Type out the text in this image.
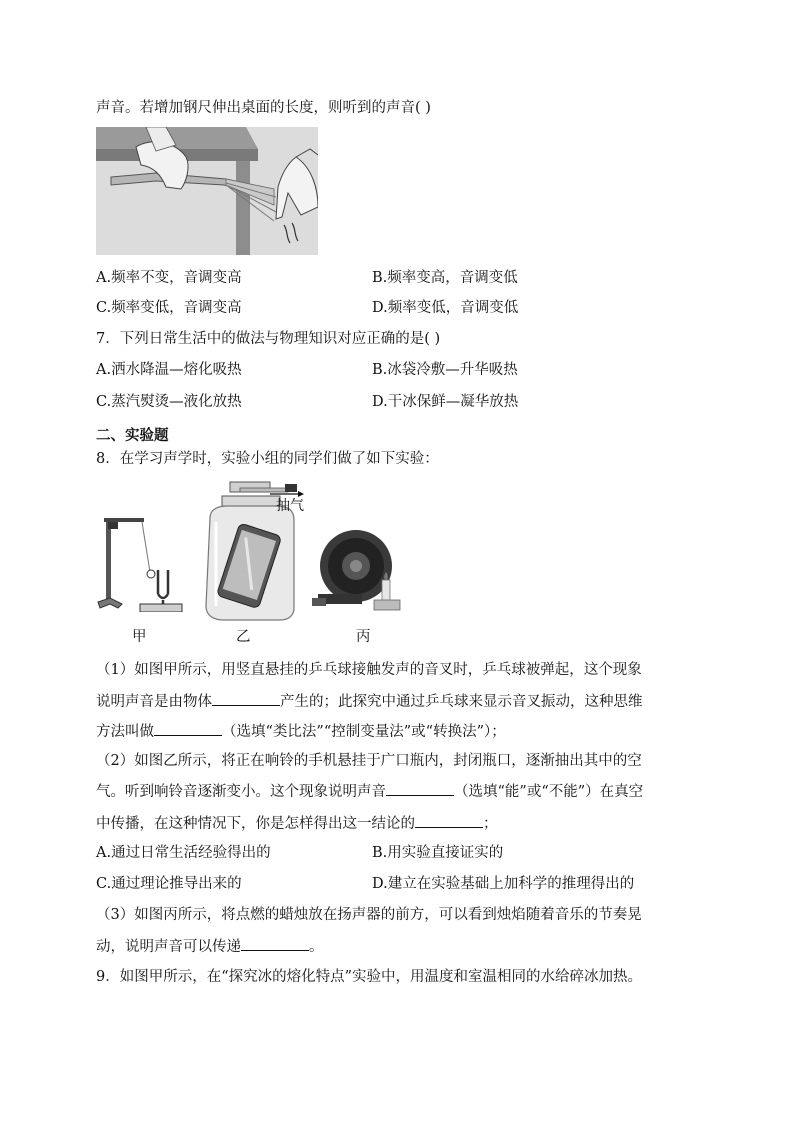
声音。若增加钢尺伸出桌面的长度，则听到的声音( )
A.频率不变，音调变高	B.频率变高，音调变低
C.频率变低，音调变高	D.频率变低，音调变低
7．下列日常生活中的做法与物理知识对应正确的是( )
A.洒水降温—熔化吸热	B.冰袋冷敷—升华吸热
C.蒸汽熨烫—液化放热	D.干冰保鲜—凝华放热
二、实验题
8．在学习声学时，实验小组的同学们做了如下实验：
抽气
甲	乙	丙
（1）如图甲所示，用竖直悬挂的乒乓球接触发声的音叉时，乒乓球被弹起，这个现象
说明声音是由物体	产生的；此探究中通过乒乓球来显示音叉振动，这种思维
方法叫做	（选填“类比法”“控制变量法”或“转换法”）；
（2）如图乙所示，将正在响铃的手机悬挂于广口瓶内，封闭瓶口，逐渐抽出其中的空
气。听到响铃音逐渐变小。这个现象说明声音	（选填“能”或“不能”）在真空
中传播，在这种情况下，你是怎样得出这一结论的	；
A.通过日常生活经验得出的	B.用实验直接证实的
C.通过理论推导出来的	D.建立在实验基础上加科学的推理得出的
（3）如图丙所示，将点燃的蜡烛放在扬声器的前方，可以看到烛焰随着音乐的节奏晃
动，说明声音可以传递	。
9．如图甲所示，在“探究冰的熔化特点”实验中，用温度和室温相同的水给碎冰加热。
